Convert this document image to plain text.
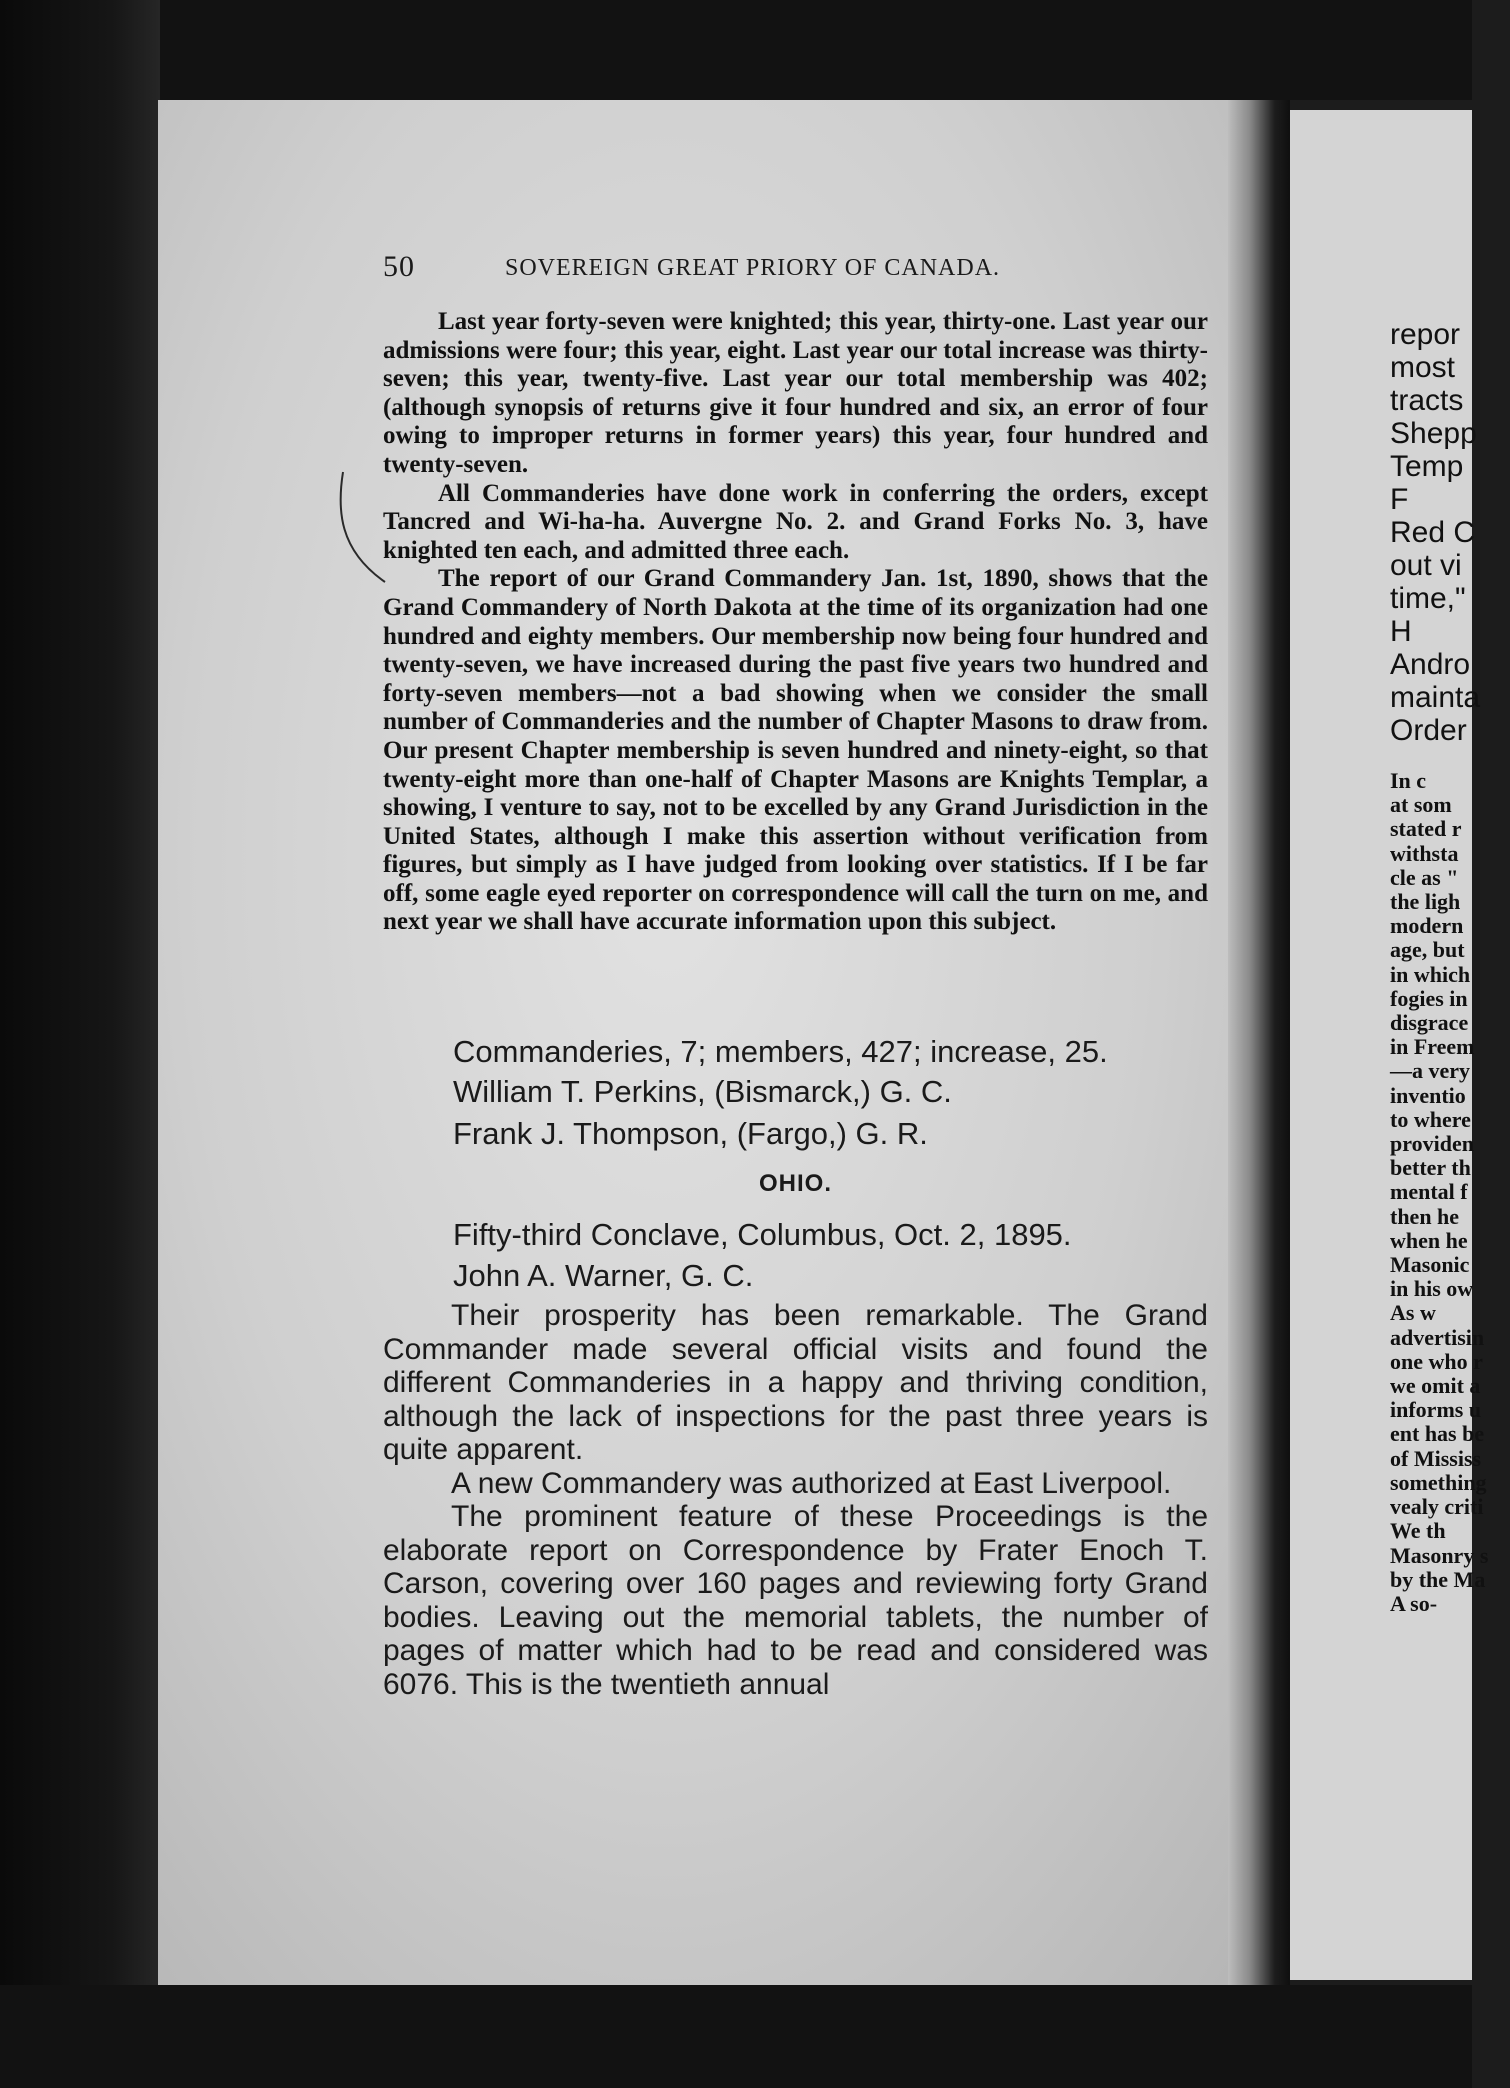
50	SOVEREIGN GREAT PRIORY OF CANADA.

Last year forty-seven were knighted; this year, thirty-one. Last year our admissions were four; this year, eight. Last year our total increase was thirty-seven; this year, twenty-five. Last year our total membership was 402; (although synopsis of returns give it four hundred and six, an error of four owing to improper returns in former years) this year, four hundred and twenty-seven.

All Commanderies have done work in conferring the orders, except Tancred and Wi-ha-ha. Auvergne No. 2. and Grand Forks No. 3, have knighted ten each, and admitted three each.

The report of our Grand Commandery Jan. 1st, 1890, shows that the Grand Commandery of North Dakota at the time of its organization had one hundred and eighty members. Our membership now being four hundred and twenty-seven, we have increased during the past five years two hundred and forty-seven members—not a bad showing when we consider the small number of Commanderies and the number of Chapter Masons to draw from. Our present Chapter membership is seven hundred and ninety-eight, so that twenty-eight more than one-half of Chapter Masons are Knights Templar, a showing, I venture to say, not to be excelled by any Grand Jurisdiction in the United States, although I make this assertion without verification from figures, but simply as I have judged from looking over statistics. If I be far off, some eagle eyed reporter on correspondence will call the turn on me, and next year we shall have accurate information upon this subject.

Commanderies, 7; members, 427; increase, 25.
William T. Perkins, (Bismarck,) G. C.
Frank J. Thompson, (Fargo,) G. R.
OHIO.
Fifty-third Conclave, Columbus, Oct. 2, 1895.
John A. Warner, G. C.

Their prosperity has been remarkable. The Grand Commander made several official visits and found the different Commanderies in a happy and thriving condition, although the lack of inspections for the past three years is quite apparent.

A new Commandery was authorized at East Liverpool.

The prominent feature of these Proceedings is the elaborate report on Correspondence by Frater Enoch T. Carson, covering over 160 pages and reviewing forty Grand bodies. Leaving out the memorial tablets, the number of pages of matter which had to be read and considered was 6076. This is the twentieth annual

repor
most
tracts
Shepp
Temp
F
Red C
out vi
time,"
H
Andro
mainta
Order
In c
at som
stated r
withsta
cle as "
the ligh
modern
age, but
in which
fogies in
disgrace
in Freem
—a very
inventio
to where
providen
better th
mental f
then he
when he
Masonic
in his ow
As w
advertisin
one who r
we omit a
informs u
ent has be
of Mississ
something
vealy criti
We th
Masonry s
by the Ma
A so-
